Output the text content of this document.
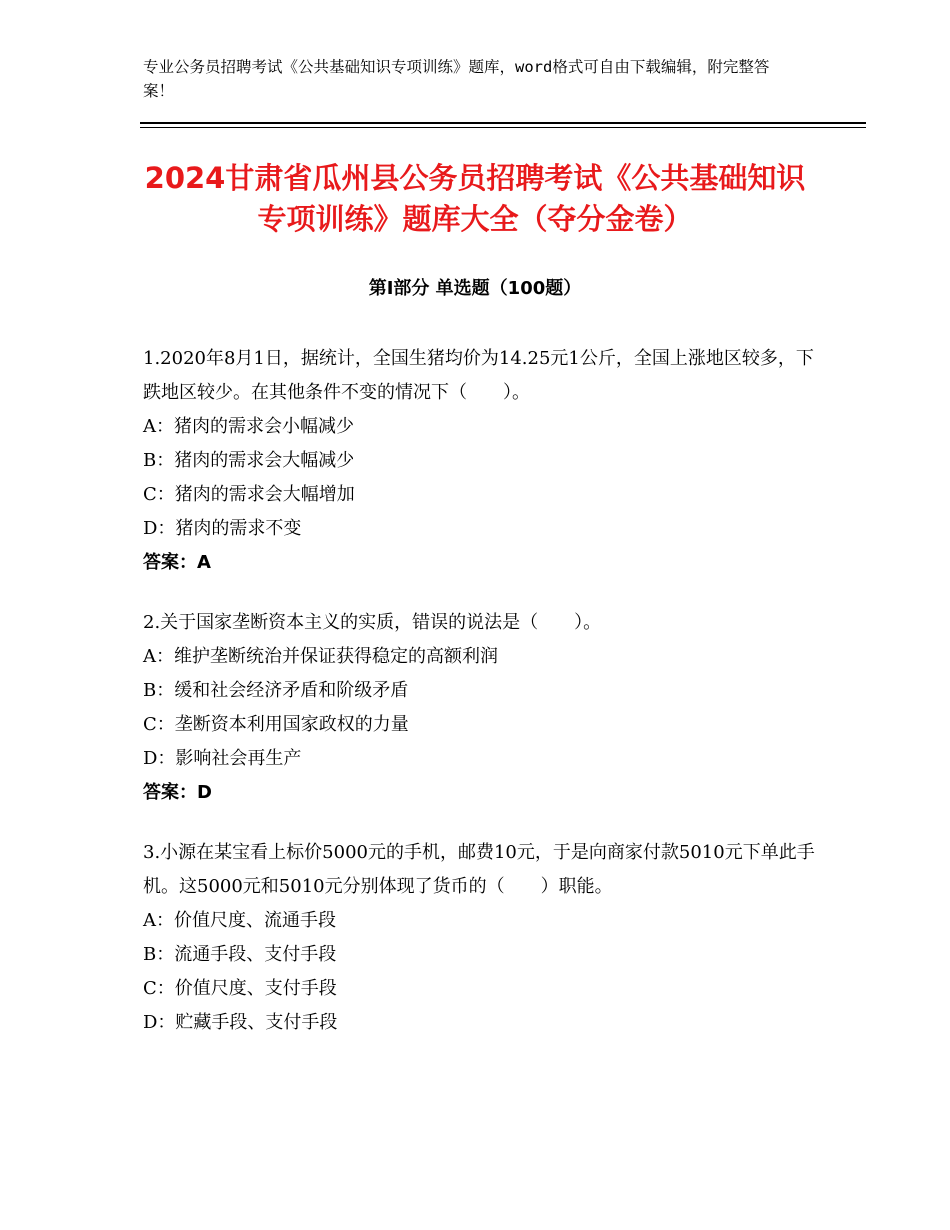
专业公务员招聘考试《公共基础知识专项训练》题库，word格式可自由下载编辑，附完整答案！
2024甘肃省瓜州县公务员招聘考试《公共基础知识专项训练》题库大全（夺分金卷）
第I部分 单选题（100题）
1.2020年8月1日，据统计，全国生猪均价为14.25元1公斤，全国上涨地区较多，下跌地区较少。在其他条件不变的情况下（　　）。
A：猪肉的需求会小幅减少
B：猪肉的需求会大幅减少
C：猪肉的需求会大幅增加
D：猪肉的需求不变
答案：A
2.关于国家垄断资本主义的实质，错误的说法是（　　）。
A：维护垄断统治并保证获得稳定的高额利润
B：缓和社会经济矛盾和阶级矛盾
C：垄断资本利用国家政权的力量
D：影响社会再生产
答案：D
3.小源在某宝看上标价5000元的手机，邮费10元，于是向商家付款5010元下单此手机。这5000元和5010元分别体现了货币的（　　）职能。
A：价值尺度、流通手段
B：流通手段、支付手段
C：价值尺度、支付手段
D：贮藏手段、支付手段
